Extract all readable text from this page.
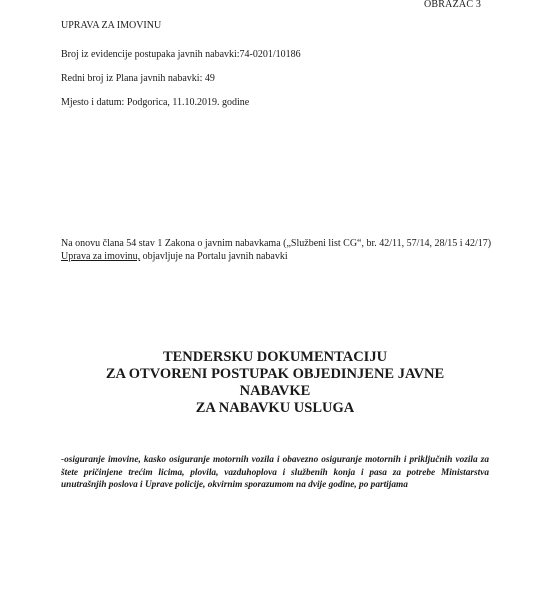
OBRAZAC 3
UPRAVA ZA IMOVINU
Broj iz evidencije postupaka javnih nabavki:74-0201/10186
Redni broj iz Plana javnih nabavki: 49
Mjesto i datum: Podgorica, 11.10.2019. godine
Na onovu člana 54 stav 1 Zakona o javnim nabavkama („Službeni list CG“, br. 42/11, 57/14, 28/15 i 42/17) Uprava za imovinu, objavljuje na Portalu javnih nabavki
TENDERSKU DOKUMENTACIJU
ZA OTVORENI POSTUPAK OBJEDINJENE JAVNE
NABAVKE
ZA NABAVKU USLUGA
-osiguranje imovine, kasko osiguranje motornih vozila i obavezno osiguranje motornih i priključnih vozila za štete pričinjene trećim licima, plovila, vazduhoplova i službenih konja i pasa za potrebe Ministarstva unutrašnjih poslova i Uprave policije, okvirnim sporazumom na dvije godine, po partijama
